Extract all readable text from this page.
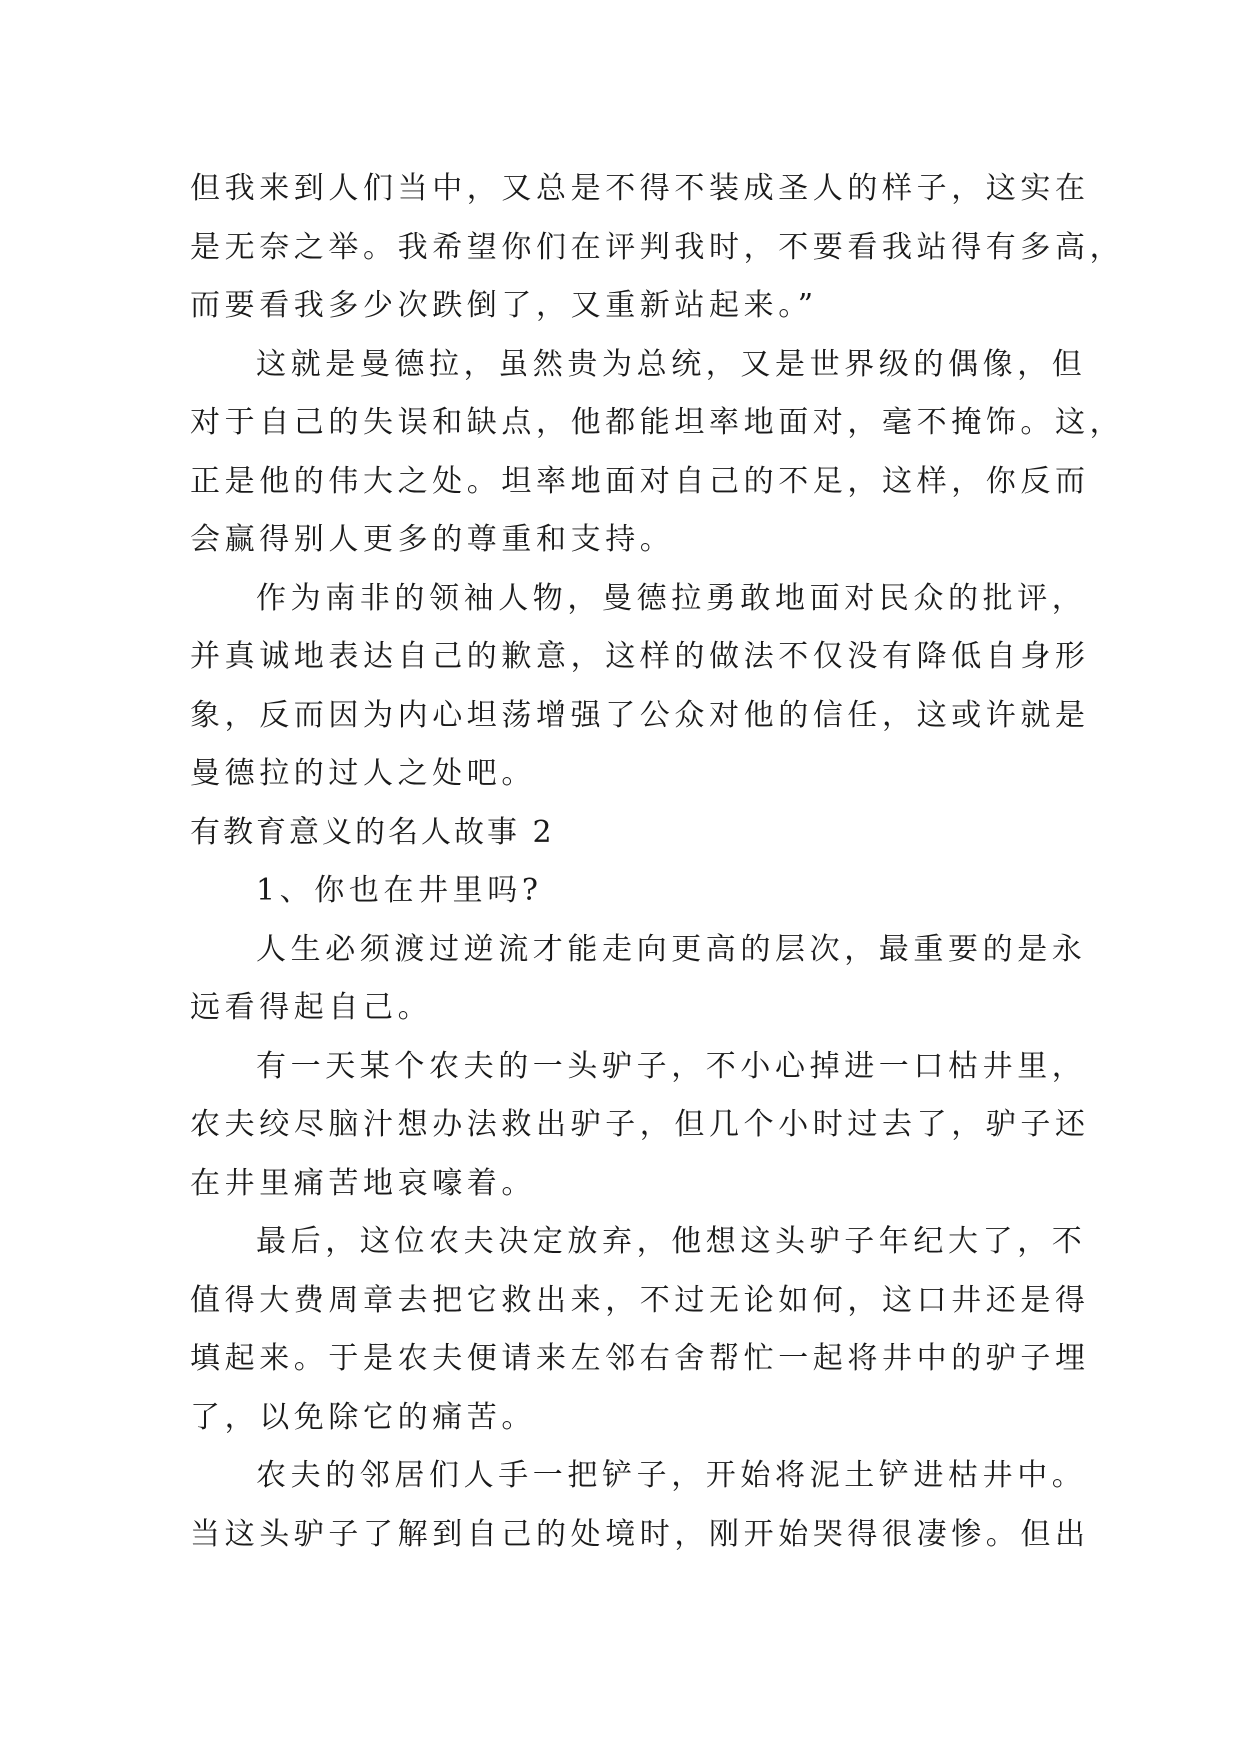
但我来到人们当中，又总是不得不装成圣人的样子，这实在
是无奈之举。我希望你们在评判我时，不要看我站得有多高，
而要看我多少次跌倒了，又重新站起来。”
这就是曼德拉，虽然贵为总统，又是世界级的偶像，但
对于自己的失误和缺点，他都能坦率地面对，毫不掩饰。这，
正是他的伟大之处。坦率地面对自己的不足，这样，你反而
会赢得别人更多的尊重和支持。
作为南非的领袖人物，曼德拉勇敢地面对民众的批评，
并真诚地表达自己的歉意，这样的做法不仅没有降低自身形
象，反而因为内心坦荡增强了公众对他的信任，这或许就是
曼德拉的过人之处吧。
有教育意义的名人故事 2
1、你也在井里吗?
人生必须渡过逆流才能走向更高的层次，最重要的是永
远看得起自己。
有一天某个农夫的一头驴子，不小心掉进一口枯井里，
农夫绞尽脑汁想办法救出驴子，但几个小时过去了，驴子还
在井里痛苦地哀嚎着。
最后，这位农夫决定放弃，他想这头驴子年纪大了，不
值得大费周章去把它救出来，不过无论如何，这口井还是得
填起来。于是农夫便请来左邻右舍帮忙一起将井中的驴子埋
了，以免除它的痛苦。
农夫的邻居们人手一把铲子，开始将泥土铲进枯井中。
当这头驴子了解到自己的处境时，刚开始哭得很凄惨。但出
